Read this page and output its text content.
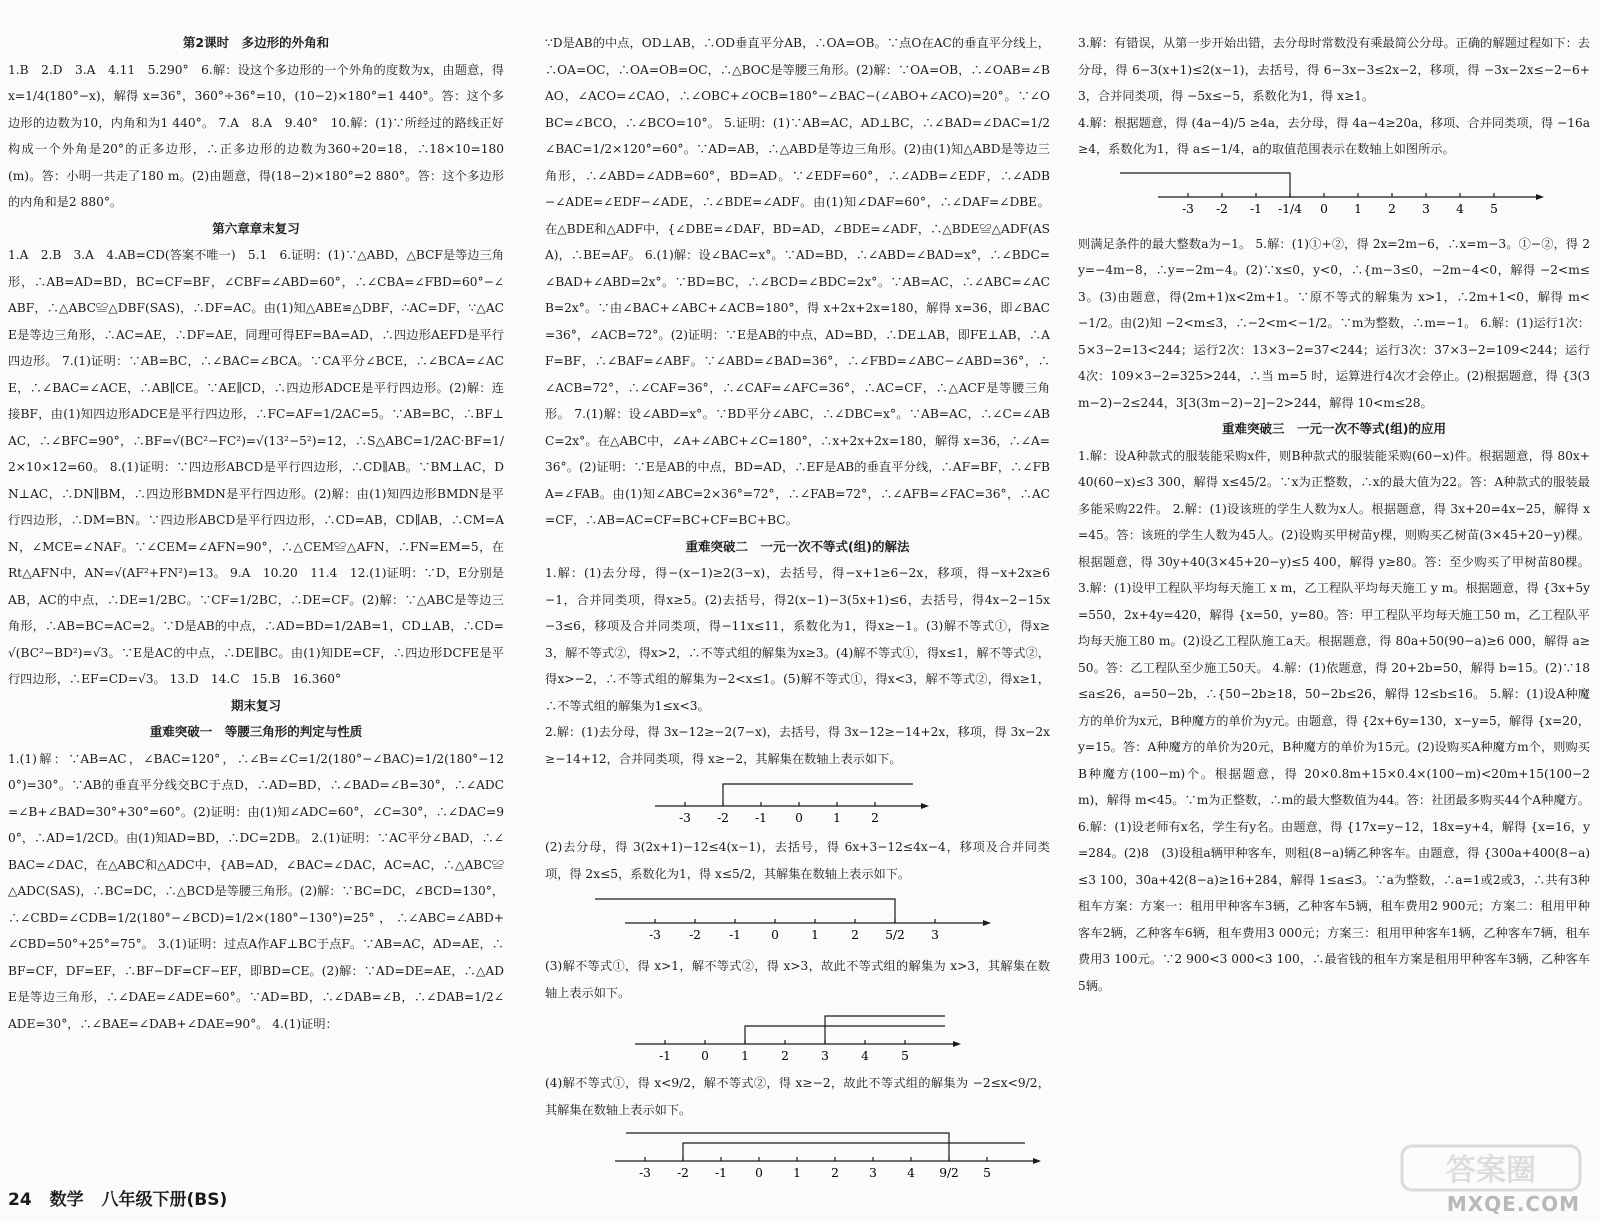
第2课时　多边形的外角和

1.B　2.D　3.A　4.11　5.290°　6.解：设这个多边形的一个外角的度数为x，由题意，得 x=1/4(180°−x)，解得 x=36°，360°÷36°=10，(10−2)×180°=1 440°。答：这个多边形的边数为10，内角和为1 440°。 7.A　8.A　9.40°　10.解：(1)∵所经过的路线正好构成一个外角是20°的正多边形，∴正多边形的边数为360÷20=18，∴18×10=180(m)。答：小明一共走了180 m。(2)由题意，得(18−2)×180°=2 880°。答：这个多边形的内角和是2 880°。

第六章章末复习

1.A　2.B　3.A　4.AB=CD(答案不唯一)　5.1　6.证明：(1)∵△ABD，△BCF是等边三角形，∴AB=AD=BD，BC=CF=BF，∠CBF=∠ABD=60°，∴∠CBA=∠FBD=60°−∠ABF，∴△ABC≌△DBF(SAS)，∴DF=AC。由(1)知△ABE≌△DBF，∴AC=DF，∵△ACE是等边三角形，∴AC=AE，∴DF=AE，同理可得EF=BA=AD，∴四边形AEFD是平行四边形。 7.(1)证明：∵AB=BC，∴∠BAC=∠BCA。∵CA平分∠BCE，∴∠BCA=∠ACE，∴∠BAC=∠ACE，∴AB∥CE。∵AE∥CD，∴四边形ADCE是平行四边形。(2)解：连接BF，由(1)知四边形ADCE是平行四边形，∴FC=AF=1/2AC=5。∵AB=BC，∴BF⊥AC，∴∠BFC=90°，∴BF=√(BC²−FC²)=√(13²−5²)=12，∴S△ABC=1/2AC·BF=1/2×10×12=60。 8.(1)证明：∵四边形ABCD是平行四边形，∴CD∥AB。∵BM⊥AC，DN⊥AC，∴DN∥BM，∴四边形BMDN是平行四边形。(2)解：由(1)知四边形BMDN是平行四边形，∴DM=BN。∵四边形ABCD是平行四边形，∴CD=AB，CD∥AB，∴CM=AN，∠MCE=∠NAF。∵∠CEM=∠AFN=90°，∴△CEM≌△AFN，∴FN=EM=5，在Rt△AFN中，AN=√(AF²+FN²)=13。 9.A　10.20　11.4　12.(1)证明：∵D，E分别是AB，AC的中点，∴DE=1/2BC。∵CF=1/2BC，∴DE=CF。(2)解：∵△ABC是等边三角形，∴AB=BC=AC=2。∵D是AB的中点，∴AD=BD=1/2AB=1，CD⊥AB，∴CD=√(BC²−BD²)=√3。∵E是AC的中点，∴DE∥BC。由(1)知DE=CF，∴四边形DCFE是平行四边形，∴EF=CD=√3。 13.D　14.C　15.B　16.360°

期末复习

重难突破一　等腰三角形的判定与性质

1.(1)解：∵AB=AC，∠BAC=120°，∴∠B=∠C=1/2(180°−∠BAC)=1/2(180°−120°)=30°。∵AB的垂直平分线交BC于点D，∴AD=BD，∴∠BAD=∠B=30°，∴∠ADC=∠B+∠BAD=30°+30°=60°。(2)证明：由(1)知∠ADC=60°，∠C=30°，∴∠DAC=90°，∴AD=1/2CD。由(1)知AD=BD，∴DC=2DB。 2.(1)证明：∵AC平分∠BAD，∴∠BAC=∠DAC，在△ABC和△ADC中，{AB=AD，∠BAC=∠DAC，AC=AC，∴△ABC≌△ADC(SAS)，∴BC=DC，∴△BCD是等腰三角形。(2)解：∵BC=DC，∠BCD=130°，∴∠CBD=∠CDB=1/2(180°−∠BCD)=1/2×(180°−130°)=25°，∴∠ABC=∠ABD+∠CBD=50°+25°=75°。 3.(1)证明：过点A作AF⊥BC于点F。∵AB=AC，AD=AE，∴BF=CF，DF=EF，∴BF−DF=CF−EF，即BD=CE。(2)解：∵AD=DE=AE，∴△ADE是等边三角形，∴∠DAE=∠ADE=60°。∵AD=BD，∴∠DAB=∠B，∴∠DAB=1/2∠ADE=30°，∴∠BAE=∠DAB+∠DAE=90°。 4.(1)证明：

∵D是AB的中点，OD⊥AB，∴OD垂直平分AB，∴OA=OB。∵点O在AC的垂直平分线上，∴OA=OC，∴OA=OB=OC，∴△BOC是等腰三角形。(2)解：∵OA=OB，∴∠OAB=∠BAO，∠ACO=∠CAO，∴∠OBC+∠OCB=180°−∠BAC−(∠ABO+∠ACO)=20°。∵∠OBC=∠BCO，∴∠BCO=10°。 5.证明：(1)∵AB=AC，AD⊥BC，∴∠BAD=∠DAC=1/2∠BAC=1/2×120°=60°。∵AD=AB，∴△ABD是等边三角形。(2)由(1)知△ABD是等边三角形，∴∠ABD=∠ADB=60°，BD=AD。∵∠EDF=60°，∴∠ADB=∠EDF，∴∠ADB−∠ADE=∠EDF−∠ADE，∴∠BDE=∠ADF。由(1)知∠DAF=60°，∴∠DAF=∠DBE。在△BDE和△ADF中，{∠DBE=∠DAF，BD=AD，∠BDE=∠ADF，∴△BDE≌△ADF(ASA)，∴BE=AF。 6.(1)解：设∠BAC=x°。∵AD=BD，∴∠ABD=∠BAD=x°，∴∠BDC=∠BAD+∠ABD=2x°。∵BD=BC，∴∠BCD=∠BDC=2x°。∵AB=AC，∴∠ABC=∠ACB=2x°。∵由∠BAC+∠ABC+∠ACB=180°，得 x+2x+2x=180，解得 x=36，即∠BAC=36°，∠ACB=72°。(2)证明：∵E是AB的中点，AD=BD，∴DE⊥AB，即FE⊥AB，∴AF=BF，∴∠BAF=∠ABF。∵∠ABD=∠BAD=36°，∴∠FBD=∠ABC−∠ABD=36°，∴∠ACB=72°，∴∠CAF=36°，∴∠CAF=∠AFC=36°，∴AC=CF，∴△ACF是等腰三角形。 7.(1)解：设∠ABD=x°。∵BD平分∠ABC，∴∠DBC=x°。∵AB=AC，∴∠C=∠ABC=2x°。在△ABC中，∠A+∠ABC+∠C=180°，∴x+2x+2x=180，解得 x=36，∴∠A=36°。(2)证明：∵E是AB的中点，BD=AD，∴EF是AB的垂直平分线，∴AF=BF，∴∠FBA=∠FAB。由(1)知∠ABC=2×36°=72°，∴∠FAB=72°，∴∠AFB=∠FAC=36°，∴AC=CF，∴AB=AC=CF=BC+CF=BC+BC。

重难突破二　一元一次不等式(组)的解法

1.解：(1)去分母，得−(x−1)≥2(3−x)，去括号，得−x+1≥6−2x，移项，得−x+2x≥6−1，合并同类项，得x≥5。(2)去括号，得2(x−1)−3(5x+1)≤6，去括号，得4x−2−15x−3≤6，移项及合并同类项，得−11x≤11，系数化为1，得x≥−1。(3)解不等式①，得x≥3，解不等式②，得x>2，∴不等式组的解集为x≥3。(4)解不等式①，得x≤1，解不等式②，得x>−2，∴不等式组的解集为−2<x≤1。(5)解不等式①，得x<3，解不等式②，得x≥1，∴不等式组的解集为1≤x<3。

2.解：(1)去分母，得 3x−12≥−2(7−x)，去括号，得 3x−12≥−14+2x，移项，得 3x−2x≥−14+12，合并同类项，得 x≥−2，其解集在数轴上表示如下。

-3 -2 -1 0 1 2

(2)去分母，得 3(2x+1)−12≤4(x−1)，去括号，得 6x+3−12≤4x−4，移项及合并同类项，得 2x≤5，系数化为1，得 x≤5/2，其解集在数轴上表示如下。

-3 -2 -1 0	1	2 5/2 3

(3)解不等式①，得 x>1，解不等式②，得 x>3，故此不等式组的解集为 x>3，其解集在数轴上表示如下。

-1 0	1	2	3	4	5

(4)解不等式①，得 x<9/2，解不等式②，得 x≥−2，故此不等式组的解集为 −2≤x<9/2，其解集在数轴上表示如下。

-3 -2 -1 0 1 2 3 4 9/2 5

3.解：有错误，从第一步开始出错，去分母时常数没有乘最简公分母。正确的解题过程如下：去分母，得 6−3(x+1)≤2(x−1)，去括号，得 6−3x−3≤2x−2，移项，得 −3x−2x≤−2−6+3，合并同类项，得 −5x≤−5，系数化为1，得 x≥1。

4.解：根据题意，得 (4a−4)/5 ≥4a，去分母，得 4a−4≥20a，移项、合并同类项，得 −16a≥4，系数化为1，得 a≤−1/4，a的取值范围表示在数轴上如图所示。

-3 -2 -1 -1/4 0 1 2 3 4 5

则满足条件的最大整数a为−1。 5.解：(1)①+②，得 2x=2m−6，∴x=m−3。①−②，得 2y=−4m−8，∴y=−2m−4。(2)∵x≤0，y<0，∴{m−3≤0，−2m−4<0，解得 −2<m≤3。(3)由题意，得(2m+1)x<2m+1。∵原不等式的解集为 x>1，∴2m+1<0，解得 m<−1/2。由(2)知 −2<m≤3，∴−2<m<−1/2。∵m为整数，∴m=−1。 6.解：(1)运行1次：5×3−2=13<244；运行2次：13×3−2=37<244；运行3次：37×3−2=109<244；运行4次：109×3−2=325>244，∴当 m=5 时，运算进行4次才会停止。(2)根据题意，得 {3(3m−2)−2≤244，3[3(3m−2)−2]−2>244，解得 10<m≤28。

重难突破三　一元一次不等式(组)的应用

1.解：设A种款式的服装能采购x件，则B种款式的服装能采购(60−x)件。根据题意，得 80x+40(60−x)≤3 300，解得 x≤45/2。∵x为正整数，∴x的最大值为22。答：A种款式的服装最多能采购22件。 2.解：(1)设该班的学生人数为x人。根据题意，得 3x+20=4x−25，解得 x=45。答：该班的学生人数为45人。(2)设购买甲树苗y棵，则购买乙树苗(3×45+20−y)棵。根据题意，得 30y+40(3×45+20−y)≤5 400，解得 y≥80。答：至少购买了甲树苗80棵。 3.解：(1)设甲工程队平均每天施工 x m，乙工程队平均每天施工 y m。根据题意，得 {3x+5y=550，2x+4y=420，解得 {x=50，y=80。答：甲工程队平均每天施工50 m，乙工程队平均每天施工80 m。(2)设乙工程队施工a天。根据题意，得 80a+50(90−a)≥6 000，解得 a≥50。答：乙工程队至少施工50天。 4.解：(1)依题意，得 20+2b=50，解得 b=15。(2)∵18≤a≤26，a=50−2b，∴{50−2b≥18，50−2b≤26，解得 12≤b≤16。 5.解：(1)设A种魔方的单价为x元，B种魔方的单价为y元。由题意，得 {2x+6y=130，x−y=5，解得 {x=20，y=15。答：A种魔方的单价为20元，B种魔方的单价为15元。(2)设购买A种魔方m个，则购买B种魔方(100−m)个。根据题意，得 20×0.8m+15×0.4×(100−m)<20m+15(100−2m)，解得 m<45。∵m为正整数，∴m的最大整数值为44。答：社团最多购买44个A种魔方。 6.解：(1)设老师有x名，学生有y名。由题意，得 {17x=y−12，18x=y+4，解得 {x=16，y=284。(2)8　(3)设租a辆甲种客车，则租(8−a)辆乙种客车。由题意，得 {300a+400(8−a)≤3 100，30a+42(8−a)≥16+284，解得 1≤a≤3。∵a为整数，∴a=1或2或3，∴共有3种租车方案：方案一：租用甲种客车3辆，乙种客车5辆，租车费用2 900元；方案二：租用甲种客车2辆，乙种客车6辆，租车费用3 000元；方案三：租用甲种客车1辆，乙种客车7辆，租车费用3 100元。∵2 900<3 000<3 100，∴最省钱的租车方案是租用甲种客车3辆，乙种客车5辆。

24 数学 八年级下册(BS)
答案圈
MXQE.COM
